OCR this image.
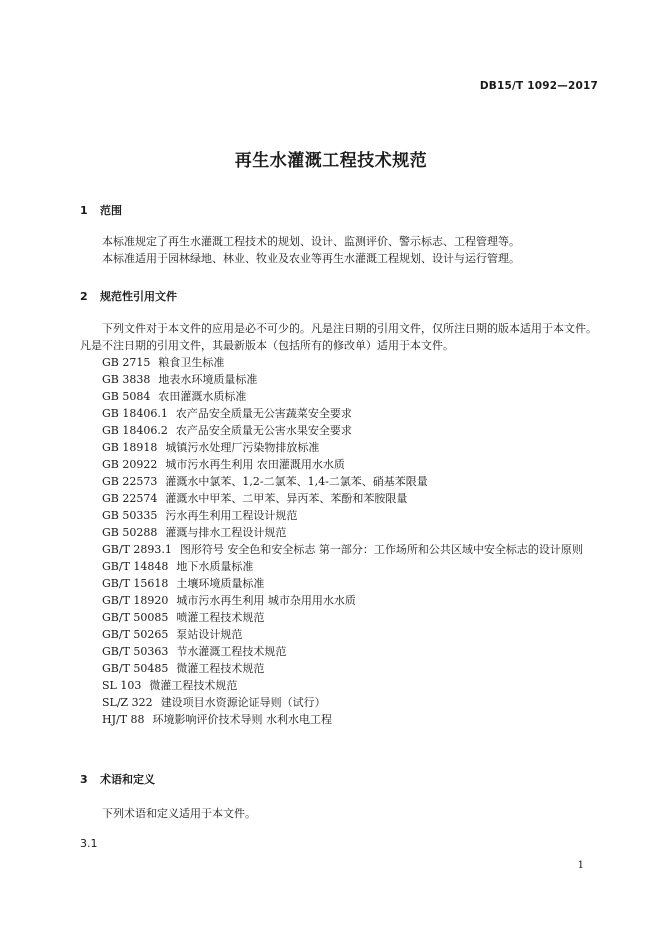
DB15/T 1092—2017
再生水灌溉工程技术规范
1 范围

本标准规定了再生水灌溉工程技术的规划、设计、监测评价、警示标志、工程管理等。

本标准适用于园林绿地、林业、牧业及农业等再生水灌溉工程规划、设计与运行管理。

2 规范性引用文件

下列文件对于本文件的应用是必不可少的。凡是注日期的引用文件，仅所注日期的版本适用于本文件。凡是不注日期的引用文件，其最新版本（包括所有的修改单）适用于本文件。

GB 2715 粮食卫生标准
GB 3838 地表水环境质量标准
GB 5084 农田灌溉水质标准
GB 18406.1 农产品安全质量无公害蔬菜安全要求
GB 18406.2 农产品安全质量无公害水果安全要求
GB 18918 城镇污水处理厂污染物排放标准
GB 20922 城市污水再生利用 农田灌溉用水水质
GB 22573 灌溉水中氯苯、1,2-二氯苯、1,4-二氯苯、硝基苯限量
GB 22574 灌溉水中甲苯、二甲苯、异丙苯、苯酚和苯胺限量
GB 50335 污水再生利用工程设计规范
GB 50288 灌溉与排水工程设计规范
GB/T 2893.1 图形符号 安全色和安全标志 第一部分：工作场所和公共区域中安全标志的设计原则
GB/T 14848 地下水质量标准
GB/T 15618 土壤环境质量标准
GB/T 18920 城市污水再生利用 城市杂用用水水质
GB/T 50085 喷灌工程技术规范
GB/T 50265 泵站设计规范
GB/T 50363 节水灌溉工程技术规范
GB/T 50485 微灌工程技术规范
SL 103 微灌工程技术规范
SL/Z 322 建设项目水资源论证导则（试行）
HJ/T 88 环境影响评价技术导则 水利水电工程
3 术语和定义

下列术语和定义适用于本文件。

3.1
1
